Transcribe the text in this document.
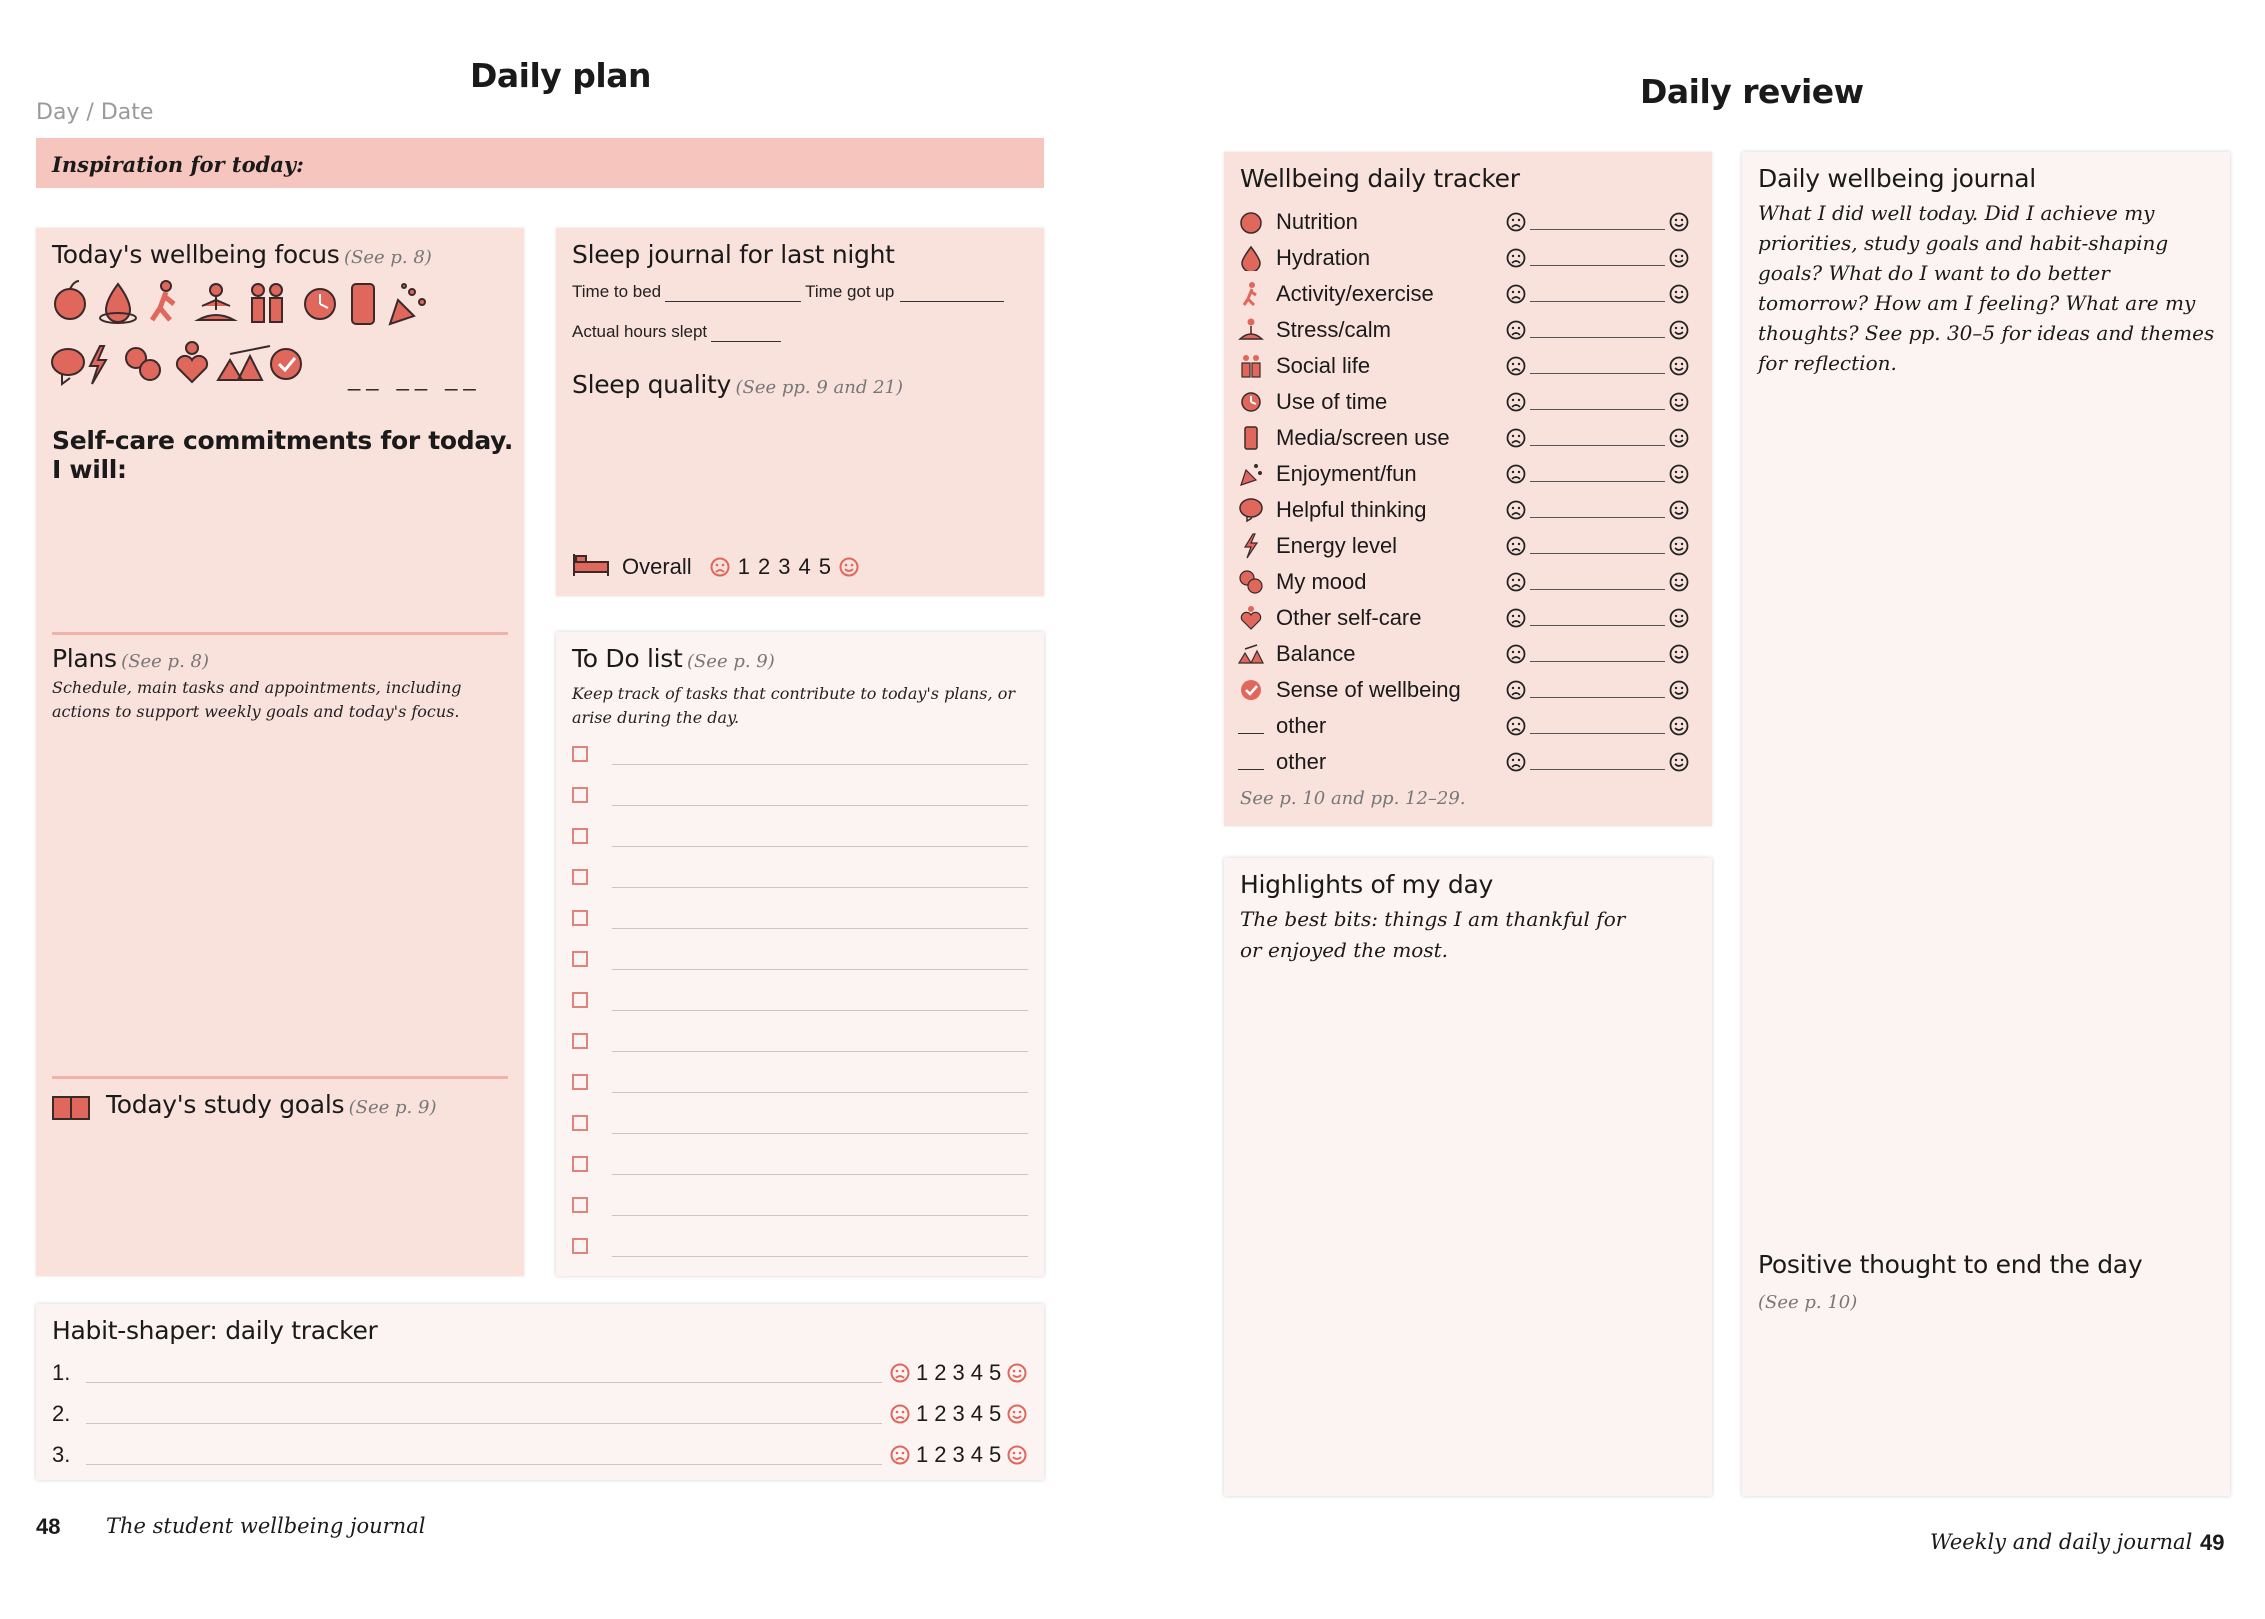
Daily plan
Day / Date
Inspiration for today:
Today's wellbeing focus (See p. 8)
__ __ __
Self-care commitments for today. I will:
Plans (See p. 8)
Schedule, main tasks and appointments, including actions to support weekly goals and today's focus.
Today's study goals (See p. 9)
Sleep journal for last night
Time to bed	Time got up
Actual hours slept
Sleep quality (See pp. 9 and 21)
Overall 1 2 3 4 5
To Do list (See p. 9)
Keep track of tasks that contribute to today's plans, or arise during the day.
Habit-shaper: daily tracker
1.	1 2 3 4 5
2.	1 2 3 4 5
3.	1 2 3 4 5
48 The student wellbeing journal
Daily review
Wellbeing daily tracker
Nutrition
Hydration
Activity/exercise
Stress/calm
Social life
Use of time
Media/screen use
Enjoyment/fun
Helpful thinking
Energy level
My mood
Other self-care
Balance
Sense of wellbeing
other
other
See p. 10 and pp. 12–29.
Highlights of my day
The best bits: things I am thankful for or enjoyed the most.
Daily wellbeing journal
What I did well today. Did I achieve my priorities, study goals and habit-shaping goals? What do I want to do better tomorrow? How am I feeling? What are my thoughts? See pp. 30–5 for ideas and themes for reflection.
Positive thought to end the day
(See p. 10)
Weekly and daily journal 49
